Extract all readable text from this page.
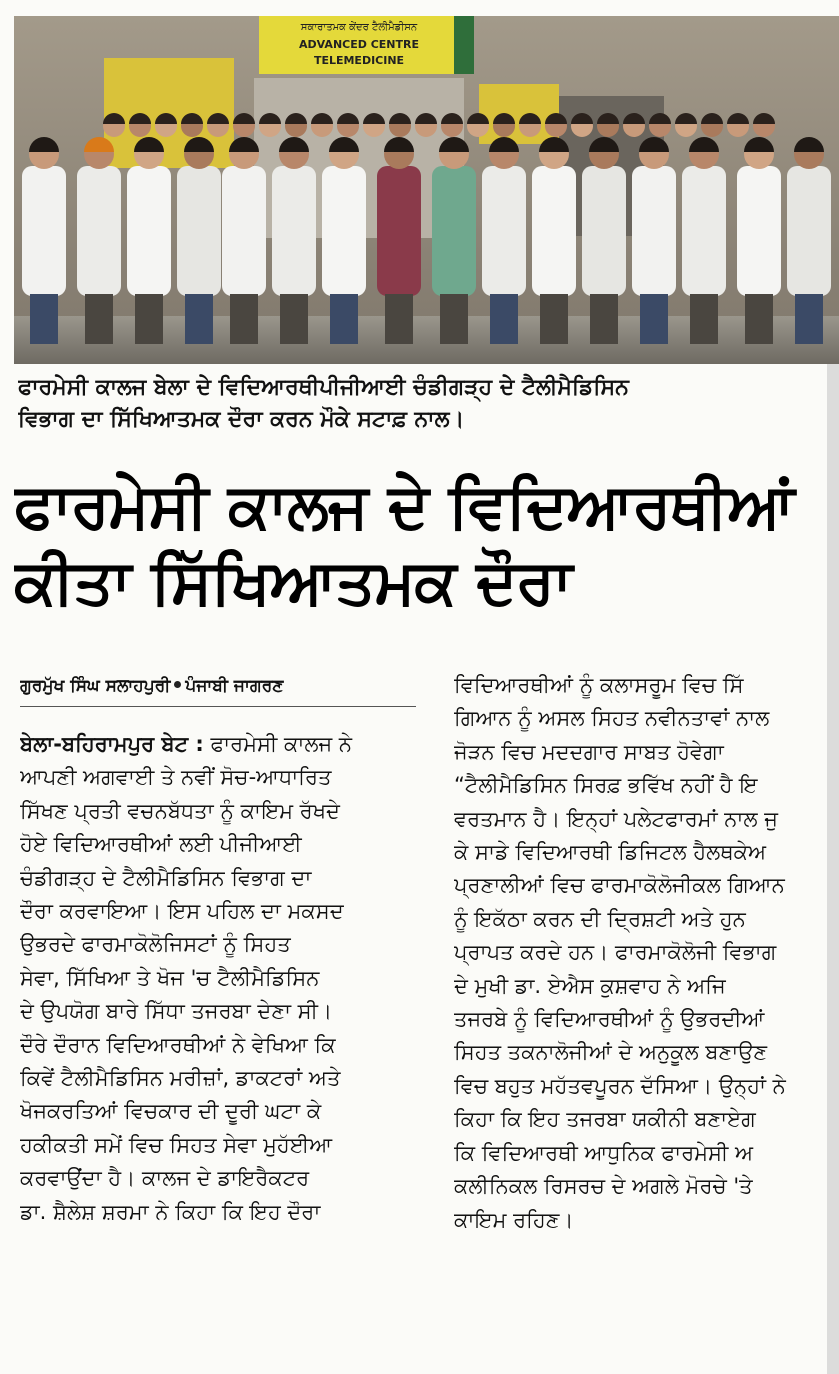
ਸਕਾਰਾਤਮਕ ਕੇਂਦਰ ਟੈਲੀਮੈਡੀਸਨ
ADVANCED CENTRE
TELEMEDICINE
ਫਾਰਮੇਸੀ ਕਾਲਜ ਬੇਲਾ ਦੇ ਵਿਦਿਆਰਥੀਪੀਜੀਆਈ ਚੰਡੀਗੜ੍ਹ ਦੇ ਟੈਲੀਮੈਡਿਸਿਨ
ਵਿਭਾਗ ਦਾ ਸਿੱਖਿਆਤਮਕ ਦੌਰਾ ਕਰਨ ਮੌਕੇ ਸਟਾਫ਼ ਨਾਲ।
ਫਾਰਮੇਸੀ ਕਾਲਜ ਦੇ ਵਿਦਿਆਰਥੀਆਂ
ਕੀਤਾ ਸਿੱਖਿਆਤਮਕ ਦੌਰਾ
ਗੁਰਮੁੱਖ ਸਿੰਘ ਸਲਾਹਪੁਰੀ ਪੰਜਾਬੀ ਜਾਗਰਣ
ਬੇਲਾ-ਬਹਿਰਾਮਪੁਰ ਬੇਟ : ਫਾਰਮੇਸੀ ਕਾਲਜ ਨੇ
ਆਪਣੀ ਅਗਵਾਈ ਤੇ ਨਵੀਂ ਸੋਚ-ਆਧਾਰਿਤ
ਸਿੱਖਣ ਪ੍ਰਤੀ ਵਚਨਬੱਧਤਾ ਨੂੰ ਕਾਇਮ ਰੱਖਦੇ
ਹੋਏ ਵਿਦਿਆਰਥੀਆਂ ਲਈ ਪੀਜੀਆਈ
ਚੰਡੀਗੜ੍ਹ ਦੇ ਟੈਲੀਮੈਡਿਸਿਨ ਵਿਭਾਗ ਦਾ
ਦੌਰਾ ਕਰਵਾਇਆ। ਇਸ ਪਹਿਲ ਦਾ ਮਕਸਦ
ਉਭਰਦੇ ਫਾਰਮਾਕੋਲੋਜਿਸਟਾਂ ਨੂੰ ਸਿਹਤ
ਸੇਵਾ, ਸਿੱਖਿਆ ਤੇ ਖੋਜ 'ਚ ਟੈਲੀਮੈਡਿਸਿਨ
ਦੇ ਉਪਯੋਗ ਬਾਰੇ ਸਿੱਧਾ ਤਜਰਬਾ ਦੇਣਾ ਸੀ।
ਦੌਰੇ ਦੌਰਾਨ ਵਿਦਿਆਰਥੀਆਂ ਨੇ ਵੇਖਿਆ ਕਿ
ਕਿਵੇਂ ਟੈਲੀਮੈਡਿਸਿਨ ਮਰੀਜ਼ਾਂ, ਡਾਕਟਰਾਂ ਅਤੇ
ਖੋਜਕਰਤਿਆਂ ਵਿਚਕਾਰ ਦੀ ਦੂਰੀ ਘਟਾ ਕੇ
ਹਕੀਕਤੀ ਸਮੇਂ ਵਿਚ ਸਿਹਤ ਸੇਵਾ ਮੁਹੱਈਆ
ਕਰਵਾਉਂਦਾ ਹੈ। ਕਾਲਜ ਦੇ ਡਾਇਰੈਕਟਰ
ਡਾ. ਸ਼ੈਲੇਸ਼ ਸ਼ਰਮਾ ਨੇ ਕਿਹਾ ਕਿ ਇਹ ਦੌਰਾ
ਵਿਦਿਆਰਥੀਆਂ ਨੂੰ ਕਲਾਸਰੂਮ ਵਿਚ ਸਿੱ
ਗਿਆਨ ਨੂੰ ਅਸਲ ਸਿਹਤ ਨਵੀਨਤਾਵਾਂ ਨਾਲ
ਜੋੜਨ ਵਿਚ ਮਦਦਗਾਰ ਸਾਬਤ ਹੋਵੇਗਾ
“ਟੈਲੀਮੈਡਿਸਿਨ ਸਿਰਫ਼ ਭਵਿੱਖ ਨਹੀਂ ਹੈ ਇ
ਵਰਤਮਾਨ ਹੈ। ਇਨ੍ਹਾਂ ਪਲੇਟਫਾਰਮਾਂ ਨਾਲ ਜੁ
ਕੇ ਸਾਡੇ ਵਿਦਿਆਰਥੀ ਡਿਜਿਟਲ ਹੈਲਥਕੇਅ
ਪ੍ਰਣਾਲੀਆਂ ਵਿਚ ਫਾਰਮਾਕੋਲੋਜੀਕਲ ਗਿਆਨ
ਨੂੰ ਇਕੱਠਾ ਕਰਨ ਦੀ ਦ੍ਰਿਸ਼ਟੀ ਅਤੇ ਹੁਨ
ਪ੍ਰਾਪਤ ਕਰਦੇ ਹਨ। ਫਾਰਮਾਕੋਲੋਜੀ ਵਿਭਾਗ
ਦੇ ਮੁਖੀ ਡਾ. ਏਐਸ ਕੁਸ਼ਵਾਹ ਨੇ ਅਜਿ
ਤਜਰਬੇ ਨੂੰ ਵਿਦਿਆਰਥੀਆਂ ਨੂੰ ਉਭਰਦੀਆਂ
ਸਿਹਤ ਤਕਨਾਲੋਜੀਆਂ ਦੇ ਅਨੁਕੂਲ ਬਣਾਉਣ
ਵਿਚ ਬਹੁਤ ਮਹੱਤਵਪੂਰਨ ਦੱਸਿਆ। ਉਨ੍ਹਾਂ ਨੇ
ਕਿਹਾ ਕਿ ਇਹ ਤਜਰਬਾ ਯਕੀਨੀ ਬਣਾਏਗ
ਕਿ ਵਿਦਿਆਰਥੀ ਆਧੁਨਿਕ ਫਾਰਮੇਸੀ ਅ
ਕਲੀਨਿਕਲ ਰਿਸਰਚ ਦੇ ਅਗਲੇ ਮੋਰਚੇ 'ਤੇ
ਕਾਇਮ ਰਹਿਣ।
